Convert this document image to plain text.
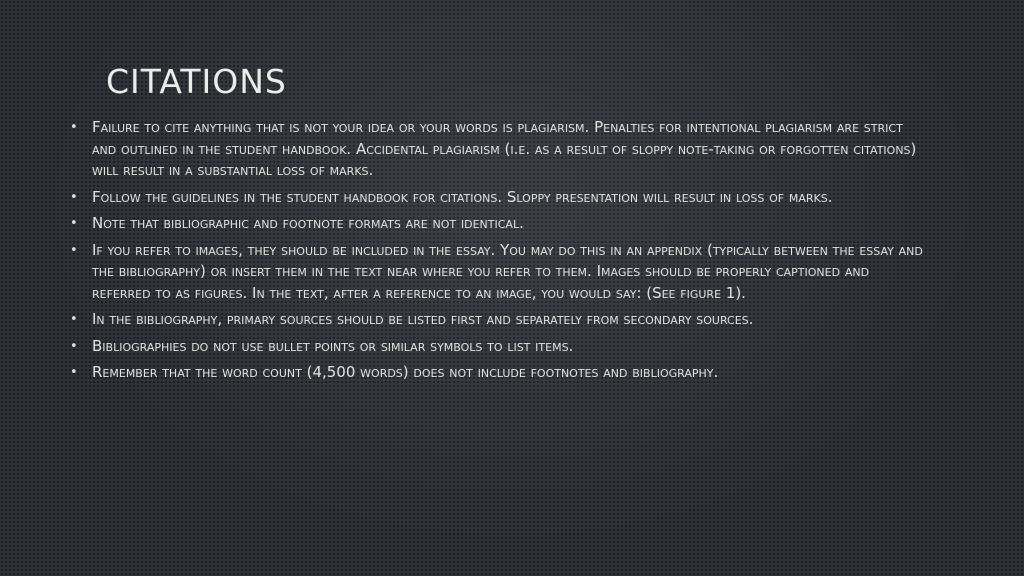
CITATIONS
• Failure to cite anything that is not your idea or your words is plagiarism. Penalties for intentional plagiarism are strict and outlined in the student handbook. Accidental plagiarism (i.e. as a result of sloppy note-taking or forgotten citations) will result in a substantial loss of marks.
• Follow the guidelines in the student handbook for citations. Sloppy presentation will result in loss of marks.
• Note that bibliographic and footnote formats are not identical.
• If you refer to images, they should be included in the essay. You may do this in an appendix (typically between the essay and the bibliography) or insert them in the text near where you refer to them. Images should be properly captioned and referred to as figures. In the text, after a reference to an image, you would say: (See figure 1).
• In the bibliography, primary sources should be listed first and separately from secondary sources.
• Bibliographies do not use bullet points or similar symbols to list items.
• Remember that the word count (4,500 words) does not include footnotes and bibliography.
